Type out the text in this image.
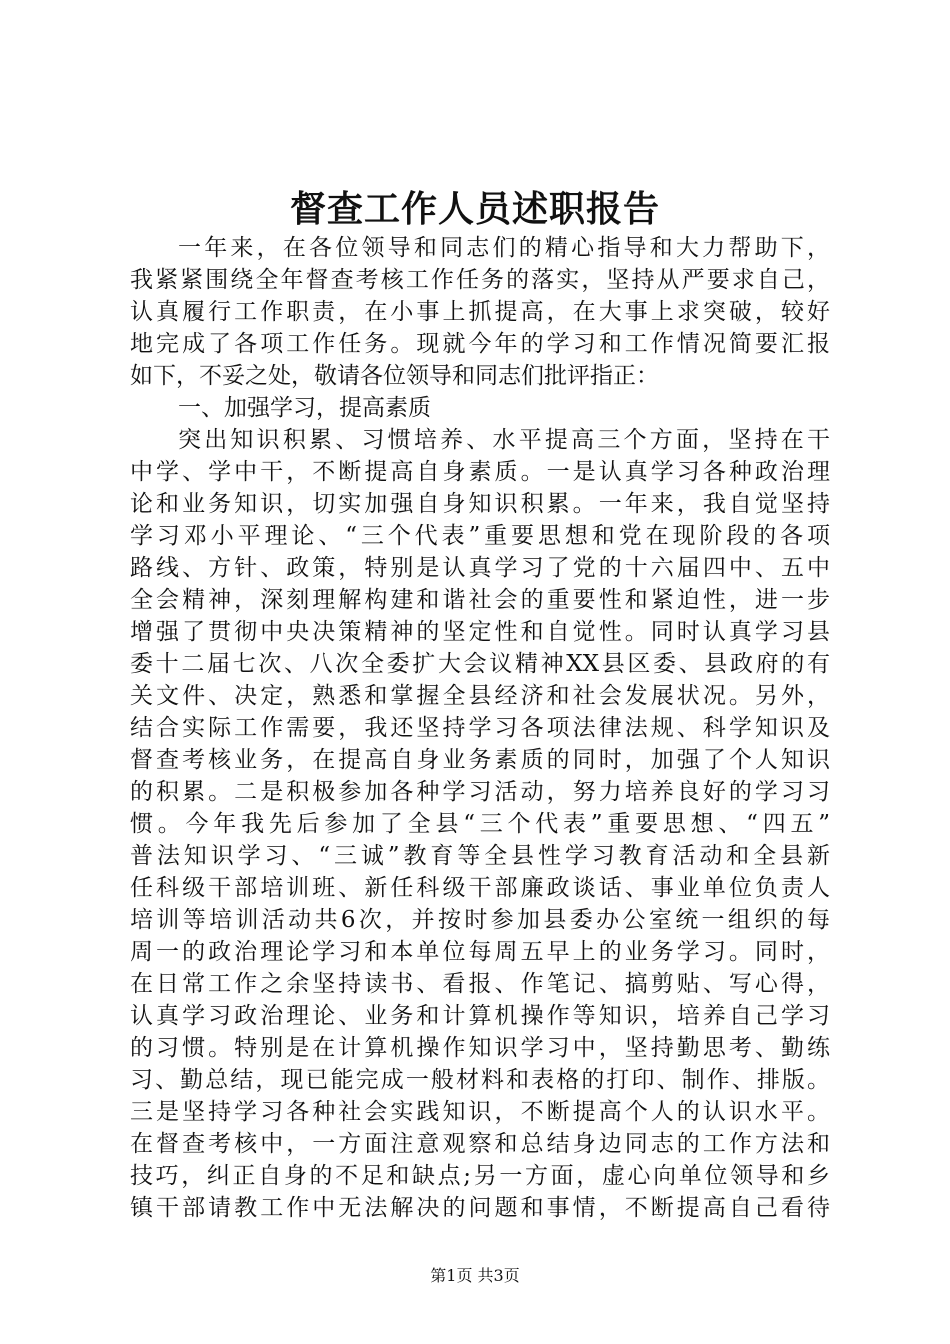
督查工作人员述职报告
一年来，在各位领导和同志们的精心指导和大力帮助下，
我紧紧围绕全年督查考核工作任务的落实，坚持从严要求自己，
认真履行工作职责，在小事上抓提高，在大事上求突破，较好
地完成了各项工作任务。现就今年的学习和工作情况简要汇报
如下，不妥之处，敬请各位领导和同志们批评指正：
一、加强学习，提高素质
突出知识积累、习惯培养、水平提高三个方面，坚持在干
中学、学中干，不断提高自身素质。一是认真学习各种政治理
论和业务知识，切实加强自身知识积累。一年来，我自觉坚持
学习邓小平理论、“三个代表”重要思想和党在现阶段的各项
路线、方针、政策，特别是认真学习了党的十六届四中、五中
全会精神，深刻理解构建和谐社会的重要性和紧迫性，进一步
增强了贯彻中央决策精神的坚定性和自觉性。同时认真学习县
委十二届七次、八次全委扩大会议精神XX县区委、县政府的有
关文件、决定，熟悉和掌握全县经济和社会发展状况。另外，
结合实际工作需要，我还坚持学习各项法律法规、科学知识及
督查考核业务，在提高自身业务素质的同时，加强了个人知识
的积累。二是积极参加各种学习活动，努力培养良好的学习习
惯。今年我先后参加了全县“三个代表”重要思想、“四五”
普法知识学习、“三诚”教育等全县性学习教育活动和全县新
任科级干部培训班、新任科级干部廉政谈话、事业单位负责人
培训等培训活动共6次，并按时参加县委办公室统一组织的每
周一的政治理论学习和本单位每周五早上的业务学习。同时，
在日常工作之余坚持读书、看报、作笔记、搞剪贴、写心得，
认真学习政治理论、业务和计算机操作等知识，培养自己学习
的习惯。特别是在计算机操作知识学习中，坚持勤思考、勤练
习、勤总结，现已能完成一般材料和表格的打印、制作、排版。
三是坚持学习各种社会实践知识，不断提高个人的认识水平。
在督查考核中，一方面注意观察和总结身边同志的工作方法和
技巧，纠正自身的不足和缺点;另一方面，虚心向单位领导和乡
镇干部请教工作中无法解决的问题和事情，不断提高自己看待
第1页 共3页
